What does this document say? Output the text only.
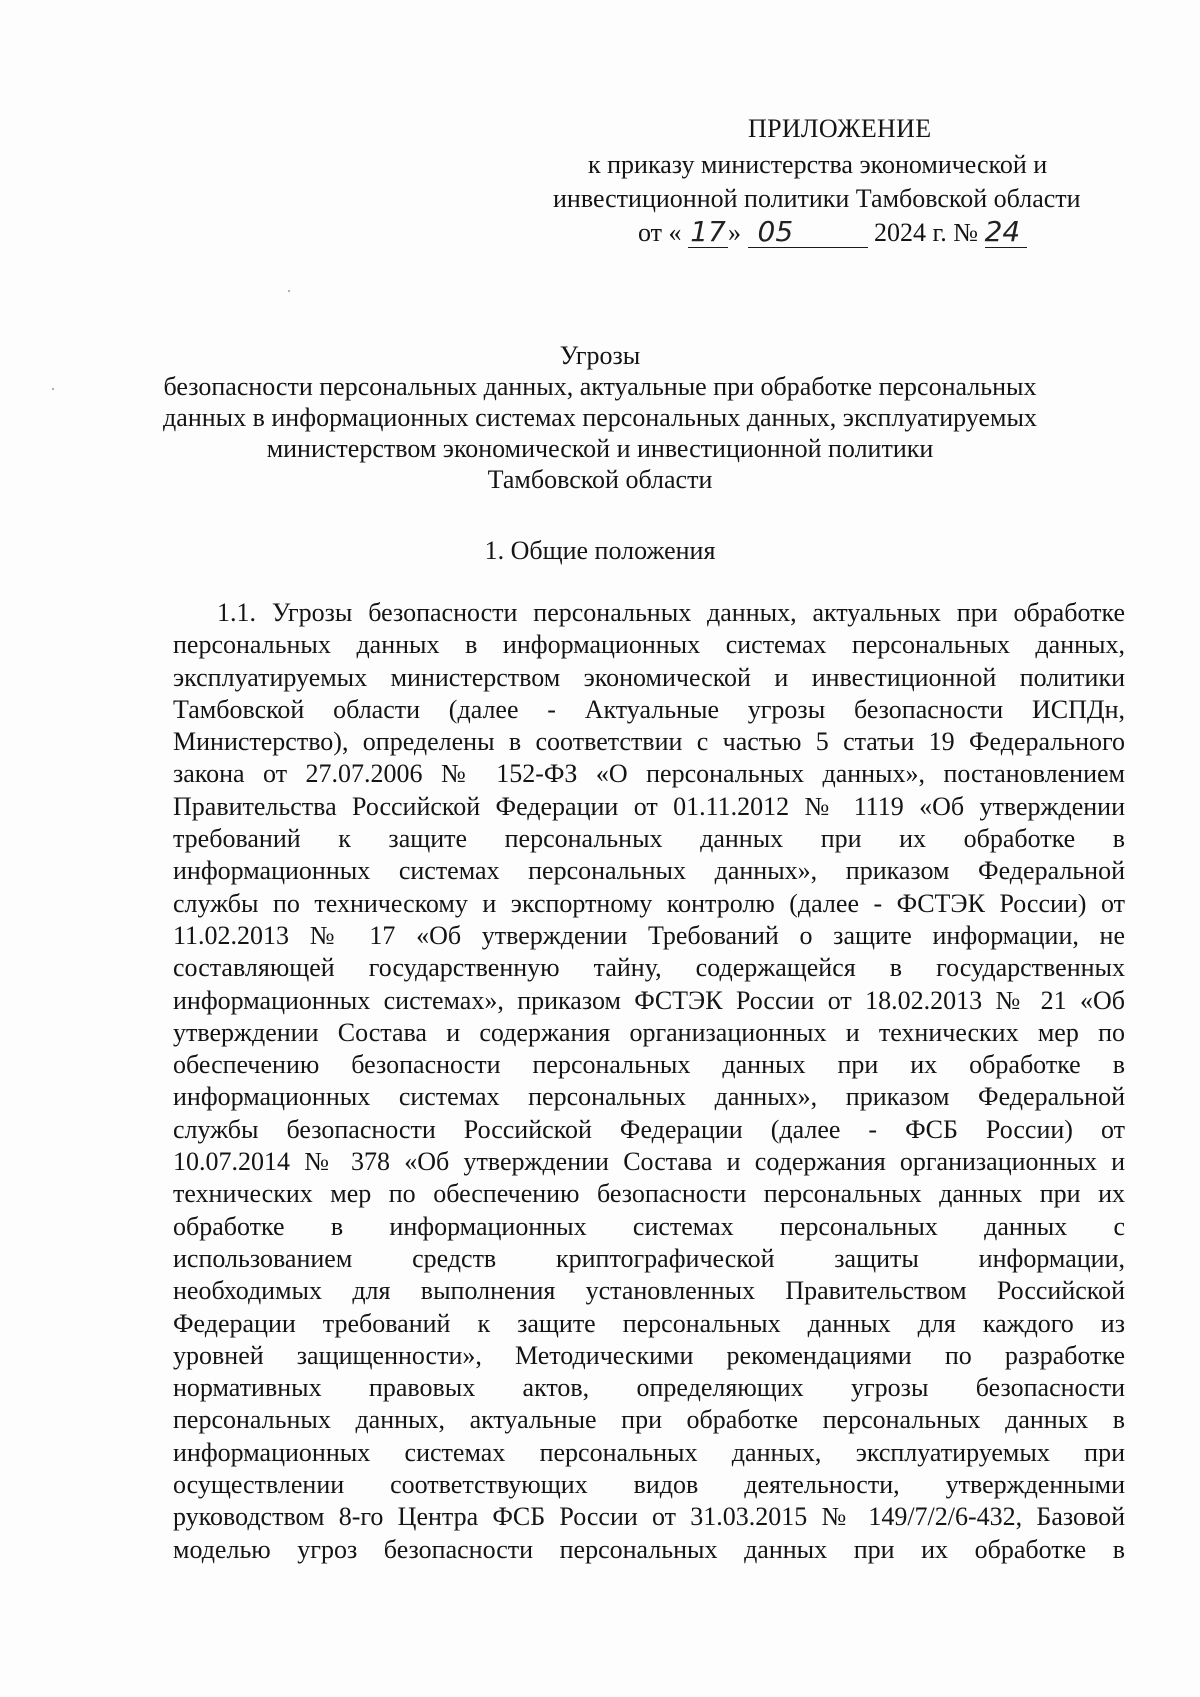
ПРИЛОЖЕНИЕ
к приказу министерства экономической и
инвестиционной политики Тамбовской области
от « 17» 05	2024 г. № 24
Угрозы
безопасности персональных данных, актуальные при обработке персональных
данных в информационных системах персональных данных, эксплуатируемых
министерством экономической и инвестиционной политики
Тамбовской области
1. Общие положения
1.1. Угрозы безопасности персональных данных, актуальных при обработке
персональных данных в информационных системах персональных данных,
эксплуатируемых министерством экономической и инвестиционной политики
Тамбовской области (далее - Актуальные угрозы безопасности ИСПДн,
Министерство), определены в соответствии с частью 5 статьи 19 Федерального
закона от 27.07.2006 № 152-ФЗ «О персональных данных», постановлением
Правительства Российской Федерации от 01.11.2012 № 1119 «Об утверждении
требований к защите персональных данных при их обработке в
информационных системах персональных данных», приказом Федеральной
службы по техническому и экспортному контролю (далее - ФСТЭК России) от
11.02.2013 № 17 «Об утверждении Требований о защите информации, не
составляющей государственную тайну, содержащейся в государственных
информационных системах», приказом ФСТЭК России от 18.02.2013 № 21 «Об
утверждении Состава и содержания организационных и технических мер по
обеспечению безопасности персональных данных при их обработке в
информационных системах персональных данных», приказом Федеральной
службы безопасности Российской Федерации (далее - ФСБ России) от
10.07.2014 № 378 «Об утверждении Состава и содержания организационных и
технических мер по обеспечению безопасности персональных данных при их
обработке в информационных системах персональных данных с
использованием средств криптографической защиты информации,
необходимых для выполнения установленных Правительством Российской
Федерации требований к защите персональных данных для каждого из
уровней защищенности», Методическими рекомендациями по разработке
нормативных правовых актов, определяющих угрозы безопасности
персональных данных, актуальные при обработке персональных данных в
информационных системах персональных данных, эксплуатируемых при
осуществлении соответствующих видов деятельности, утвержденными
руководством 8-го Центра ФСБ России от 31.03.2015 № 149/7/2/6-432, Базовой
моделью угроз безопасности персональных данных при их обработке в
